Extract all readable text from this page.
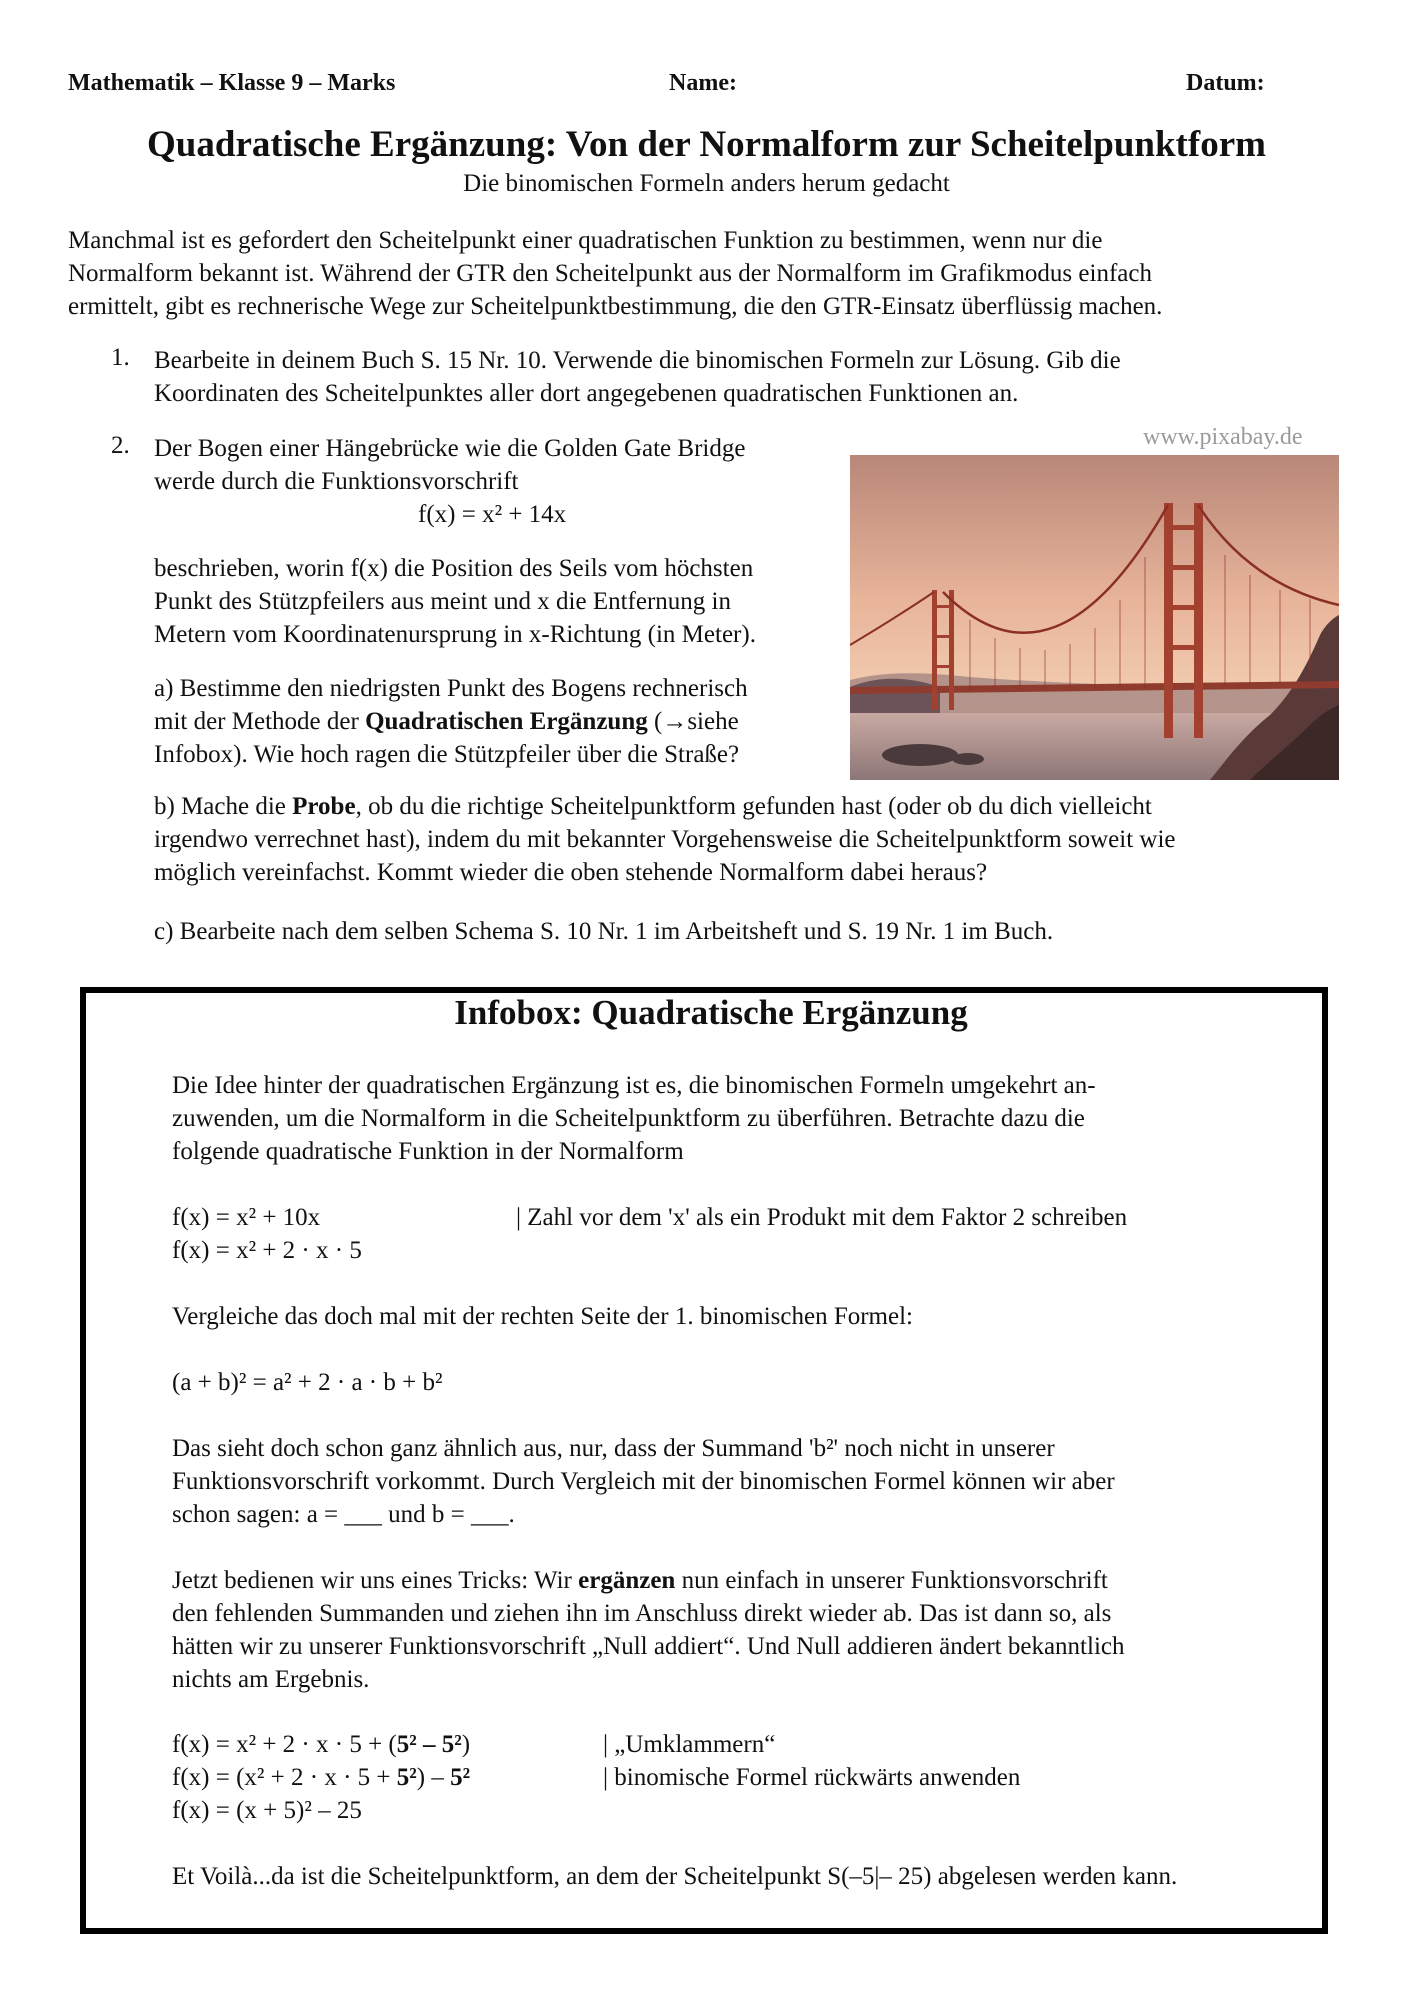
Mathematik – Klasse 9 – Marks	Name:	Datum:
Quadratische Ergänzung: Von der Normalform zur Scheitelpunktform
Die binomischen Formeln anders herum gedacht
Manchmal ist es gefordert den Scheitelpunkt einer quadratischen Funktion zu bestimmen, wenn nur die
Normalform bekannt ist. Während der GTR den Scheitelpunkt aus der Normalform im Grafikmodus einfach
ermittelt, gibt es rechnerische Wege zur Scheitelpunktbestimmung, die den GTR-Einsatz überflüssig machen.
1. Bearbeite in deinem Buch S. 15 Nr. 10. Verwende die binomischen Formeln zur Lösung. Gib die
Koordinaten des Scheitelpunktes aller dort angegebenen quadratischen Funktionen an.
2. Der Bogen einer Hängebrücke wie die Golden Gate Bridge
werde durch die Funktionsvorschrift
f(x) = x² + 14x
beschrieben, worin f(x) die Position des Seils vom höchsten
Punkt des Stützpfeilers aus meint und x die Entfernung in
Metern vom Koordinatenursprung in x-Richtung (in Meter).
a) Bestimme den niedrigsten Punkt des Bogens rechnerisch
mit der Methode der Quadratischen Ergänzung (→siehe
Infobox). Wie hoch ragen die Stützpfeiler über die Straße?
www.pixabay.de
b) Mache die Probe, ob du die richtige Scheitelpunktform gefunden hast (oder ob du dich vielleicht
irgendwo verrechnet hast), indem du mit bekannter Vorgehensweise die Scheitelpunktform soweit wie
möglich vereinfachst. Kommt wieder die oben stehende Normalform dabei heraus?
c) Bearbeite nach dem selben Schema S. 10 Nr. 1 im Arbeitsheft und S. 19 Nr. 1 im Buch.
Infobox: Quadratische Ergänzung
Die Idee hinter der quadratischen Ergänzung ist es, die binomischen Formeln umgekehrt an-
zuwenden, um die Normalform in die Scheitelpunktform zu überführen. Betrachte dazu die
folgende quadratische Funktion in der Normalform
f(x) = x² + 10x	| Zahl vor dem 'x' als ein Produkt mit dem Faktor 2 schreiben
f(x) = x² + 2 · x · 5
Vergleiche das doch mal mit der rechten Seite der 1. binomischen Formel:
(a + b)² = a² + 2 · a · b + b²
Das sieht doch schon ganz ähnlich aus, nur, dass der Summand 'b²' noch nicht in unserer
Funktionsvorschrift vorkommt. Durch Vergleich mit der binomischen Formel können wir aber
schon sagen: a = ___ und b = ___.
Jetzt bedienen wir uns eines Tricks: Wir ergänzen nun einfach in unserer Funktionsvorschrift
den fehlenden Summanden und ziehen ihn im Anschluss direkt wieder ab. Das ist dann so, als
hätten wir zu unserer Funktionsvorschrift „Null addiert“. Und Null addieren ändert bekanntlich
nichts am Ergebnis.
f(x) = x² + 2 · x · 5 + (5² – 5²)	| „Umklammern“
f(x) = (x² + 2 · x · 5 + 5²) – 5²	| binomische Formel rückwärts anwenden
f(x) = (x + 5)² – 25
Et Voilà...da ist die Scheitelpunktform, an dem der Scheitelpunkt S(–5|– 25) abgelesen werden kann.
